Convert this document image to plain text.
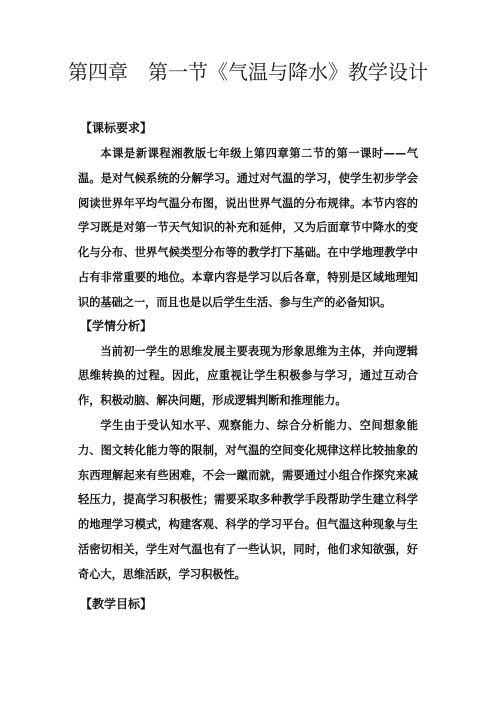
第四章　第一节《气温与降水》教学设计
【课标要求】

本课是新课程湘教版七年级上第四章第二节的第一课时——气温。是对气候系统的分解学习。通过对气温的学习，使学生初步学会阅读世界年平均气温分布图，说出世界气温的分布规律。本节内容的学习既是对第一节天气知识的补充和延伸，又为后面章节中降水的变化与分布、世界气候类型分布等的教学打下基础。在中学地理教学中占有非常重要的地位。本章内容是学习以后各章，特别是区域地理知识的基础之一，而且也是以后学生生活、参与生产的必备知识。

【学情分析】

当前初一学生的思维发展主要表现为形象思维为主体，并向逻辑思维转换的过程。因此，应重视让学生积极参与学习，通过互动合作，积极动脑、解决问题，形成逻辑判断和推理能力。

学生由于受认知水平、观察能力、综合分析能力、空间想象能力、图文转化能力等的限制，对气温的空间变化规律这样比较抽象的东西理解起来有些困难，不会一蹴而就，需要通过小组合作探究来减轻压力，提高学习积极性；需要采取多种教学手段帮助学生建立科学的地理学习模式，构建客观、科学的学习平台。但气温这种现象与生活密切相关，学生对气温也有了一些认识，同时，他们求知欲强，好奇心大，思维活跃，学习积极性。

【教学目标】
